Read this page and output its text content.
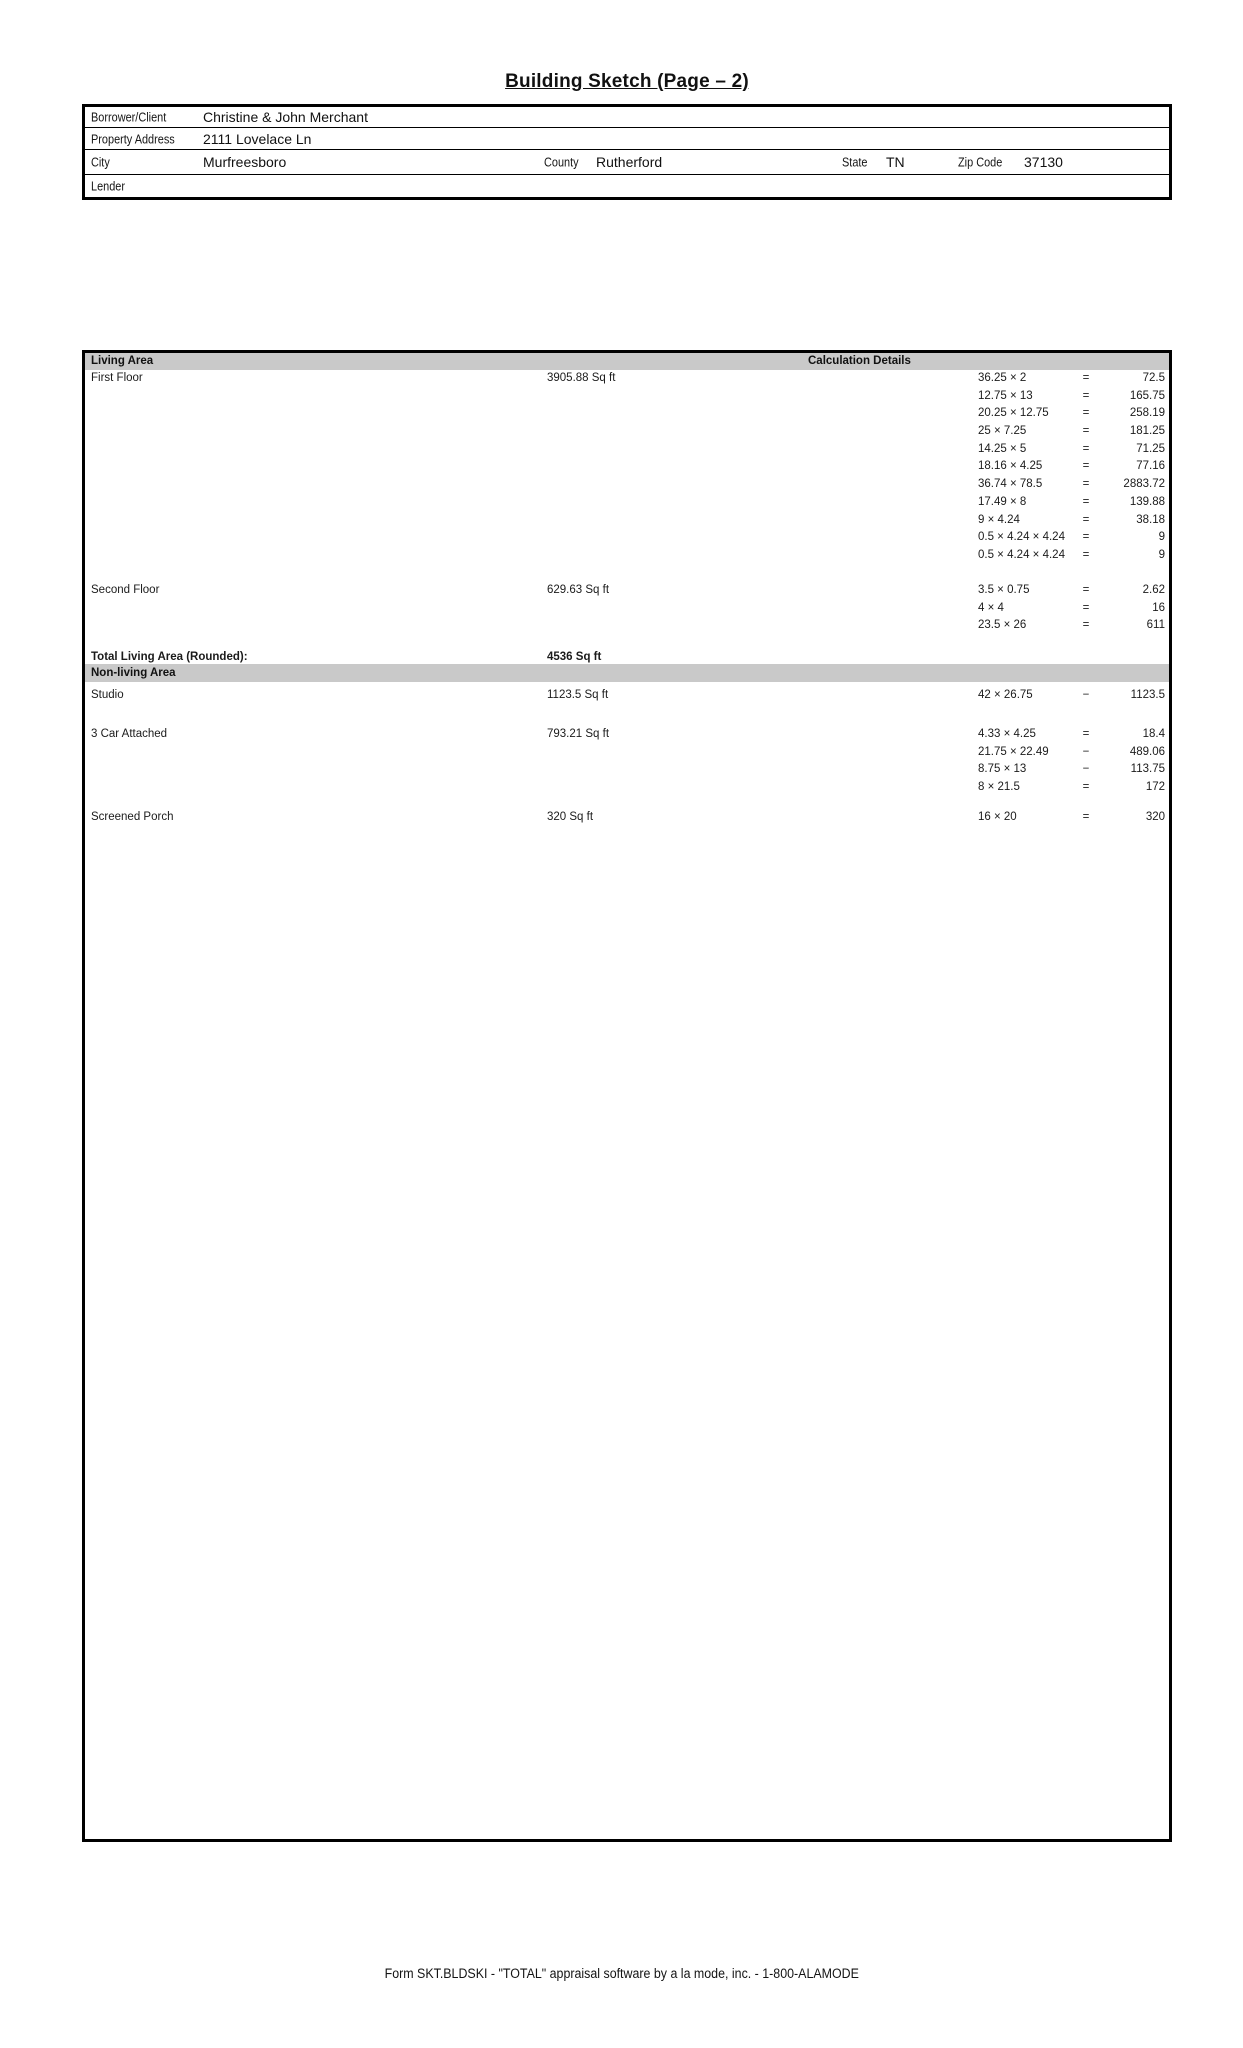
Building Sketch (Page – 2)
Borrower/Client	Christine & John Merchant
Property Address 2111 Lovelace Ln
City	Murfreesboro	County Rutherford	State TN	Zip Code 37130
Lender
Living Area	Calculation Details
First Floor	3905.88 Sq ft	36.25 × 2	=	72.5
12.75 × 13	=	165.75
20.25 × 12.75	=	258.19
25 × 7.25	=	181.25
14.25 × 5	=	71.25
18.16 × 4.25	=	77.16
36.74 × 78.5	=	2883.72
17.49 × 8	=	139.88
9 × 4.24	=	38.18
0.5 × 4.24 × 4.24	=	9
0.5 × 4.24 × 4.24	=	9
Second Floor	629.63 Sq ft	3.5 × 0.75	=	2.62
4 × 4	=	16
23.5 × 26	=	611
Total Living Area (Rounded):	4536 Sq ft
Non-living Area
Studio	1123.5 Sq ft	42 × 26.75	−	1123.5
3 Car Attached	793.21 Sq ft	4.33 × 4.25	=	18.4
21.75 × 22.49	−	489.06
8.75 × 13	−	113.75
8 × 21.5	=	172
Screened Porch	320 Sq ft	16 × 20	=	320
Form SKT.BLDSKI - "TOTAL" appraisal software by a la mode, inc. - 1-800-ALAMODE
